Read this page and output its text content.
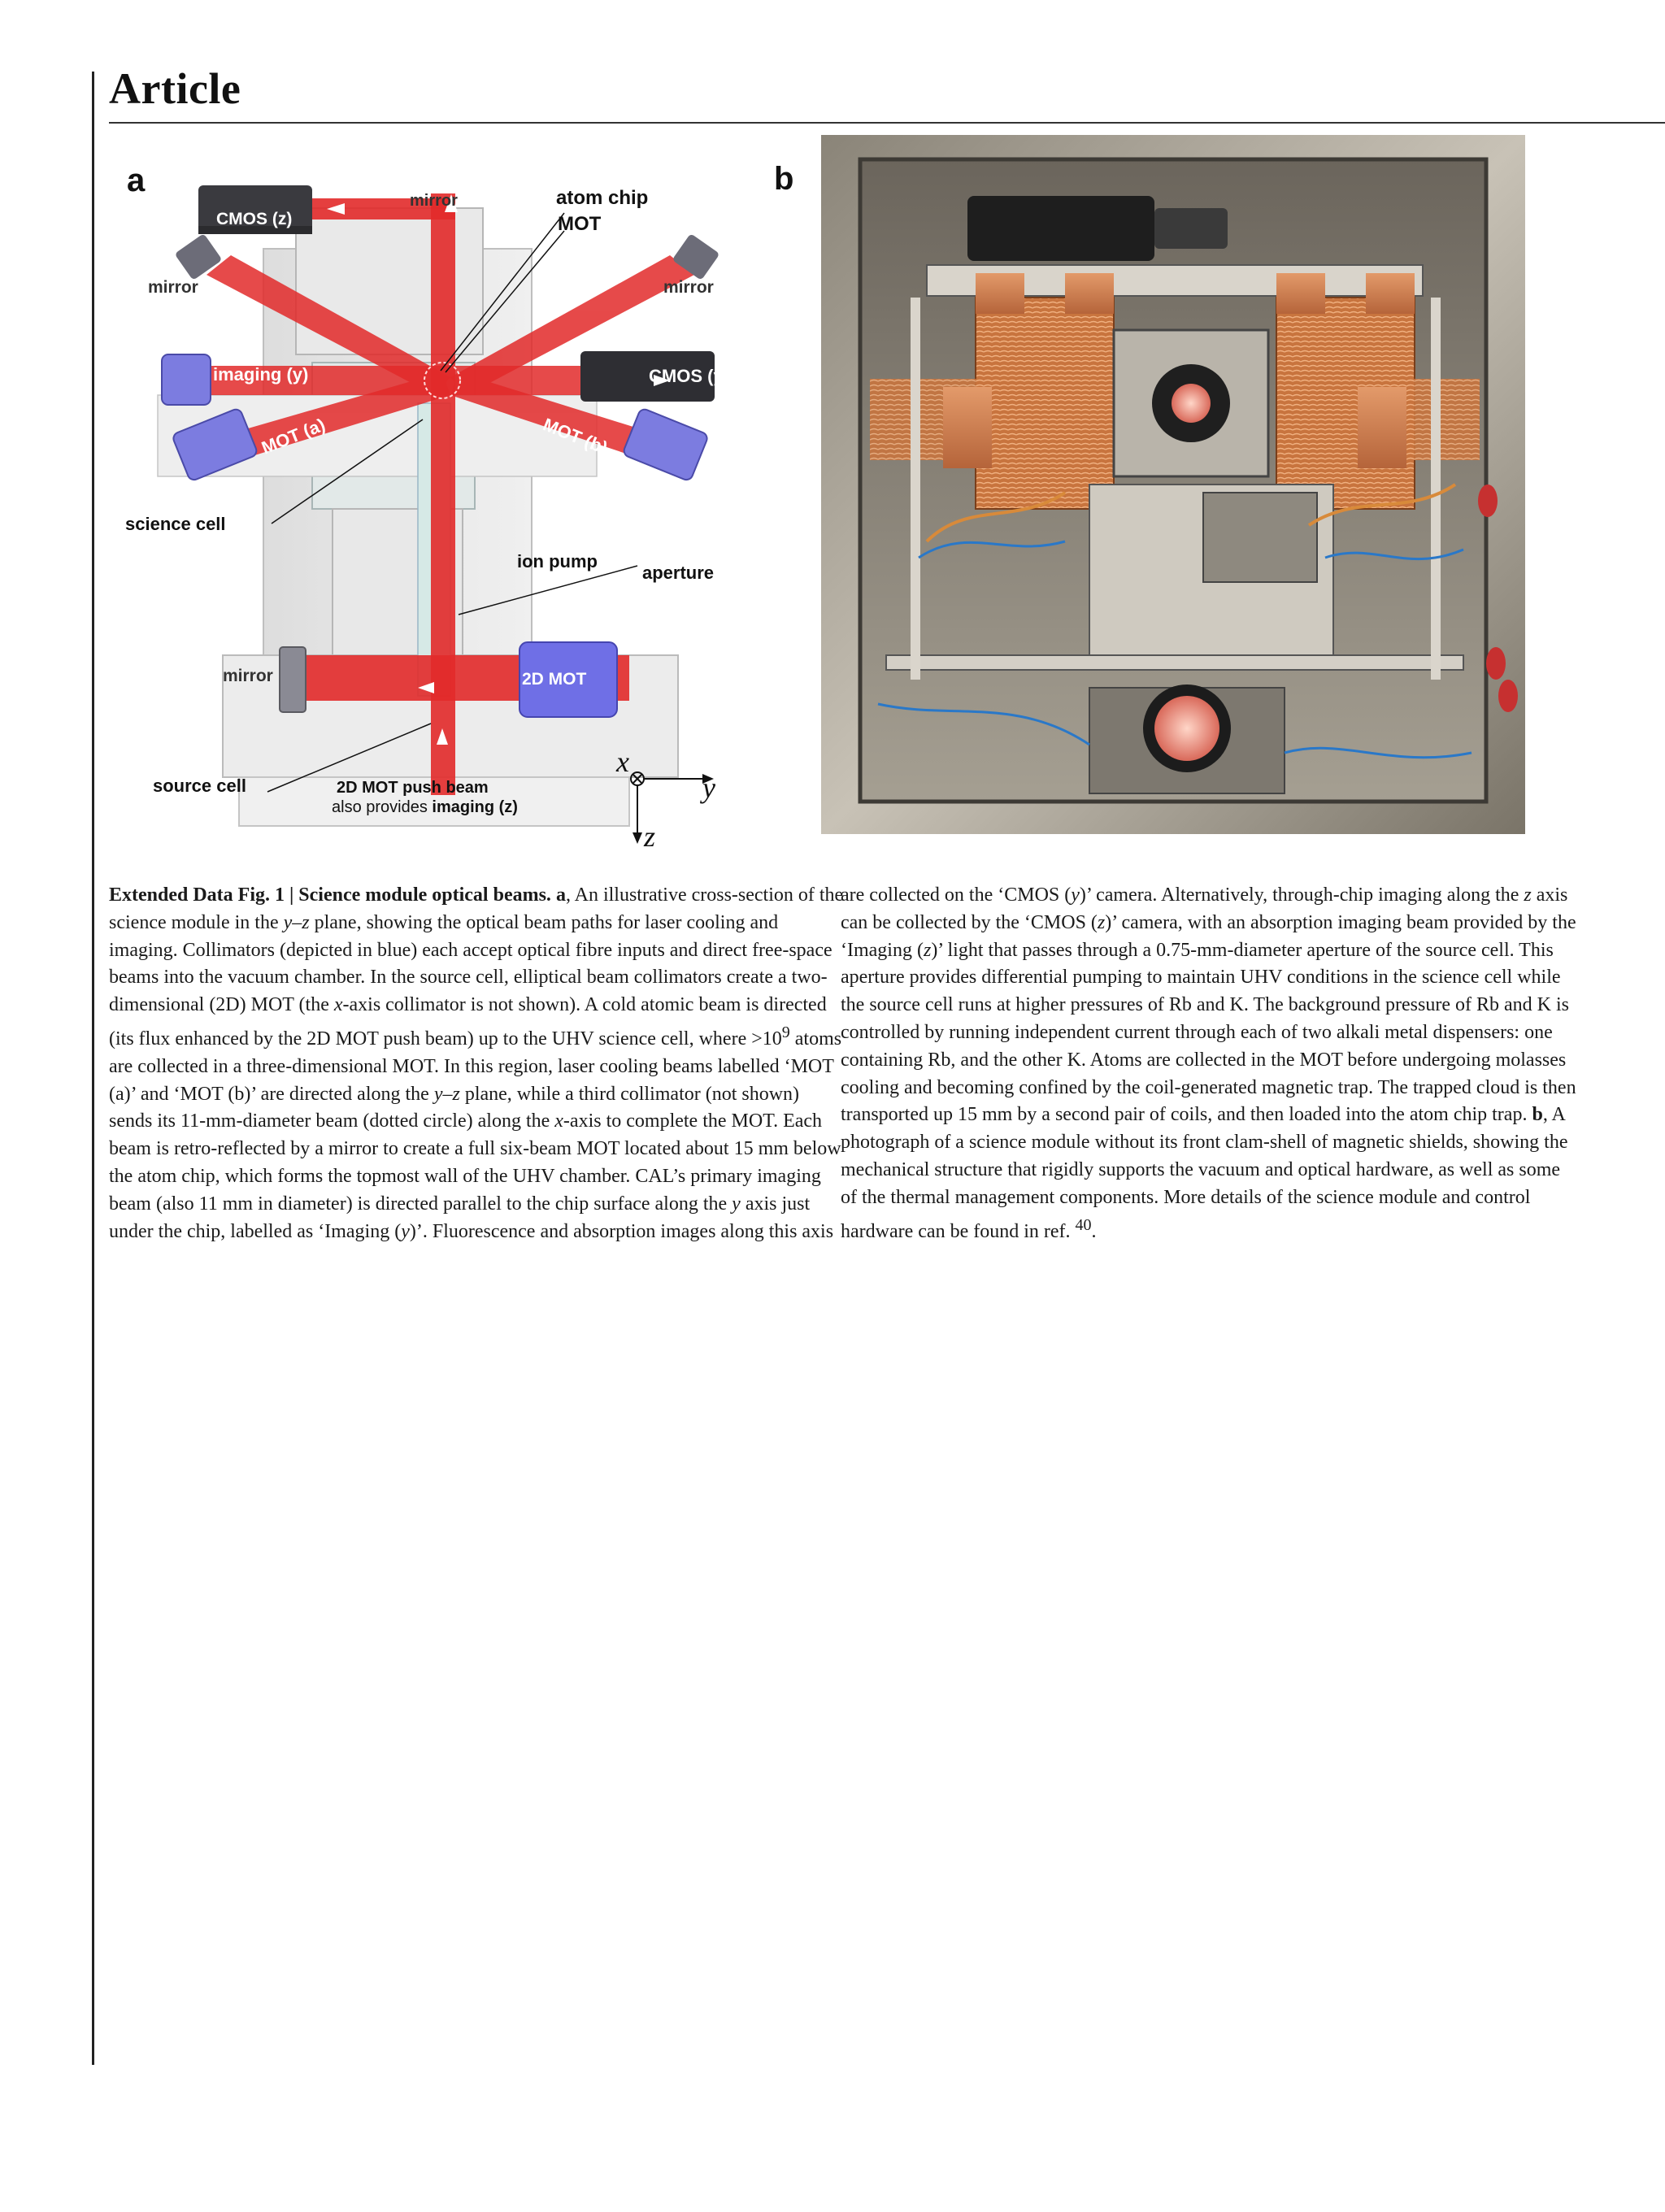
Article
a
CMOS (z)
mirror	atom chip
MOT
mirror	mirror
imaging (y)	CMOS (y)
MOT (a)	MOT (b)
science cell
ion pump
aperture
mirror	2D MOT
source cell	2D MOT push beam
also provides imaging (z)
x
y
z
b
Extended Data Fig. 1 | Science module optical beams. a, An illustrative cross-section of the science module in the y–z plane, showing the optical beam paths for laser cooling and imaging. Collimators (depicted in blue) each accept optical fibre inputs and direct free-space beams into the vacuum chamber. In the source cell, elliptical beam collimators create a two-dimensional (2D) MOT (the x-axis collimator is not shown). A cold atomic beam is directed (its flux enhanced by the 2D MOT push beam) up to the UHV science cell, where $>10^9$ atoms are collected in a three-dimensional MOT. In this region, laser cooling beams labelled ‘MOT (a)’ and ‘MOT (b)’ are directed along the y–z plane, while a third collimator (not shown) sends its 11-mm-diameter beam (dotted circle) along the x-axis to complete the MOT. Each beam is retro-reflected by a mirror to create a full six-beam MOT located about 15 mm below the atom chip, which forms the topmost wall of the UHV chamber. CAL’s primary imaging beam (also 11 mm in diameter) is directed parallel to the chip surface along the y axis just under the chip, labelled as ‘Imaging (y)’. Fluorescence and absorption images along this axis
are collected on the ‘CMOS (y)’ camera. Alternatively, through-chip imaging along the z axis can be collected by the ‘CMOS (z)’ camera, with an absorption imaging beam provided by the ‘Imaging (z)’ light that passes through a 0.75-mm-diameter aperture of the source cell. This aperture provides differential pumping to maintain UHV conditions in the science cell while the source cell runs at higher pressures of Rb and K. The background pressure of Rb and K is controlled by running independent current through each of two alkali metal dispensers: one containing Rb, and the other K. Atoms are collected in the MOT before undergoing molasses cooling and becoming confined by the coil-generated magnetic trap. The trapped cloud is then transported up 15 mm by a second pair of coils, and then loaded into the atom chip trap. b, A photograph of a science module without its front clam-shell of magnetic shields, showing the mechanical structure that rigidly supports the vacuum and optical hardware, as well as some of the thermal management components. More details of the science module and control hardware can be found in ref. $^{40}$.
